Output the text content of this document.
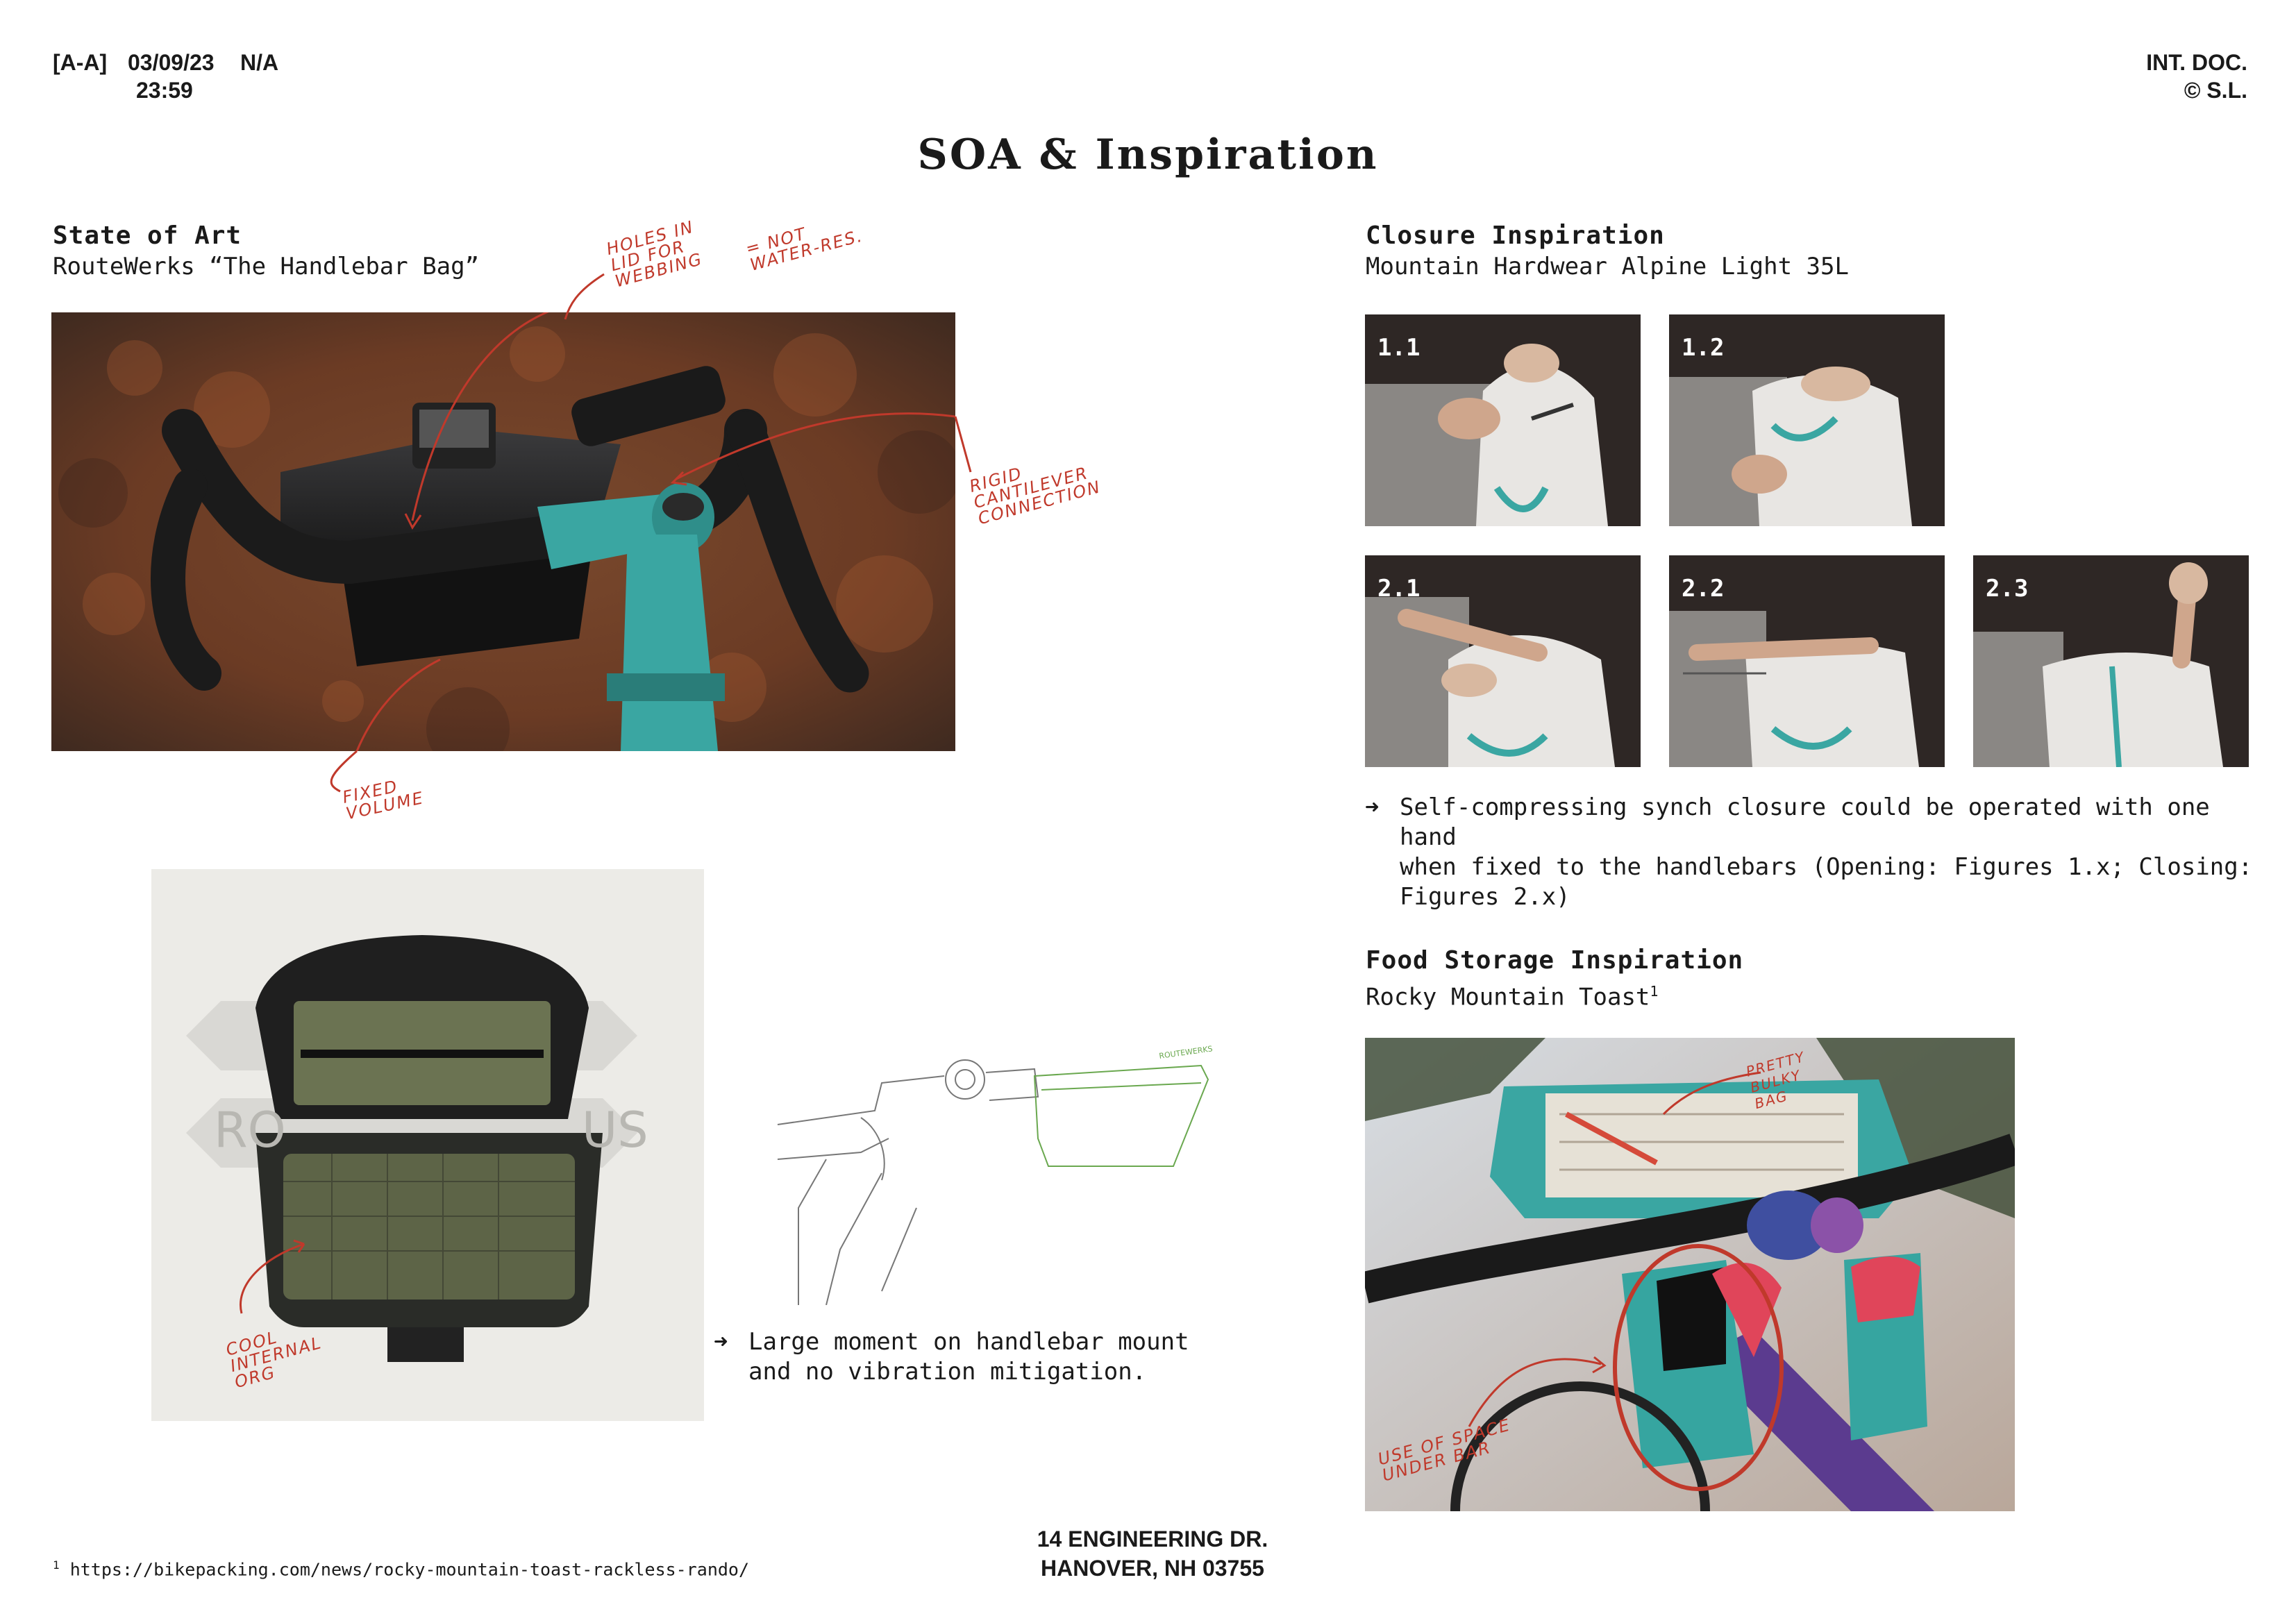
[A-A] 03/09/23 N/A
23:59
INT. DOC.
© S.L.
SOA & Inspiration
State of Art
RouteWerks “The Handlebar Bag”
HOLES IN
LID FOR
WEBBING
= NOT
WATER-RES.
RIGID
CANTILEVER
CONNECTION
FIXED
VOLUME
RO	US
COOL
INTERNAL
ORG
ROUTEWERKS
➜ Large moment on handlebar mount
and no vibration mitigation.
Closure Inspiration
Mountain Hardwear Alpine Light 35L
1.1	1.2
2.1	2.2	2.3
➜ Self-compressing synch closure could be operated with one hand
when fixed to the handlebars (Opening: Figures 1.x; Closing:
Figures 2.x)
Food Storage Inspiration
Rocky Mountain Toast$^1$
PRETTY
BULKY
BAG
USE OF SPACE
UNDER BAR
14 ENGINEERING DR.
HANOVER, NH 03755
$^1$ https://bikepacking.com/news/rocky-mountain-toast-rackless-rando/
